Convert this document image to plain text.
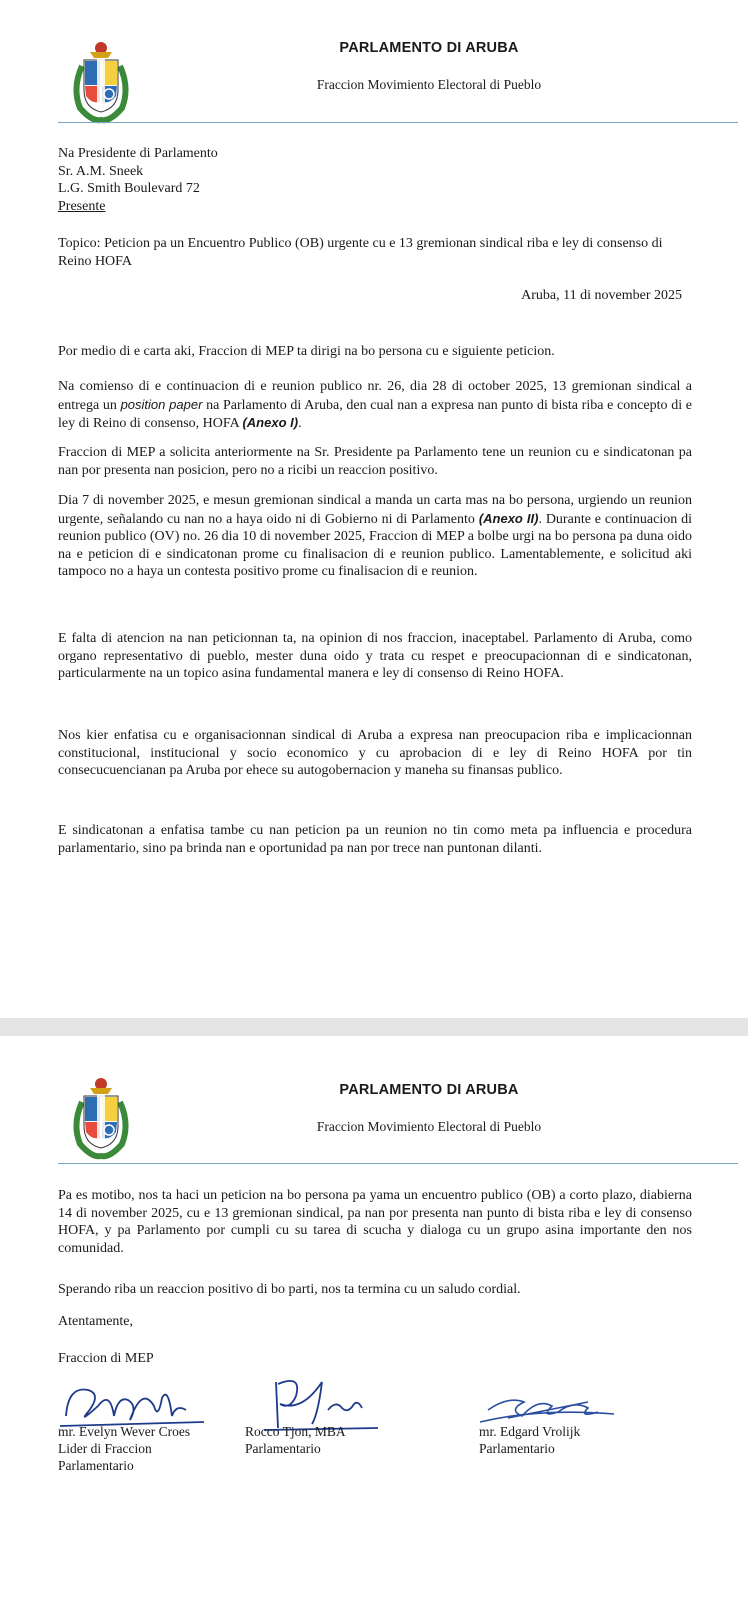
PARLAMENTO DI ARUBA
Fraccion Movimiento Electoral di Pueblo
Na Presidente di Parlamento
Sr. A.M. Sneek
L.G. Smith Boulevard 72
Presente
Topico: Peticion pa un Encuentro Publico (OB) urgente cu e 13 gremionan sindical riba e ley di consenso di Reino HOFA
Aruba, 11 di november 2025
Por medio di e carta aki, Fraccion di MEP ta dirigi na bo persona cu e siguiente peticion.
Na comienso di e continuacion di e reunion publico nr. 26, dia 28 di october 2025, 13 gremionan sindical a entrega un position paper na Parlamento di Aruba, den cual nan a expresa nan punto di bista riba e concepto di e ley di Reino di consenso, HOFA (Anexo I).
Fraccion di MEP a solicita anteriormente na Sr. Presidente pa Parlamento tene un reunion cu e sindicatonan pa nan por presenta nan posicion, pero no a ricibi un reaccion positivo.
Dia 7 di november 2025, e mesun gremionan sindical a manda un carta mas na bo persona, urgiendo un reunion urgente, señalando cu nan no a haya oido ni di Gobierno ni di Parlamento (Anexo II). Durante e continuacion di reunion publico (OV) no. 26 dia 10 di november 2025, Fraccion di MEP a bolbe urgi na bo persona pa duna oido na e peticion di e sindicatonan prome cu finalisacion di e reunion publico. Lamentablemente, e solicitud aki tampoco no a haya un contesta positivo prome cu finalisacion di e reunion.
E falta di atencion na nan peticionnan ta, na opinion di nos fraccion, inaceptabel. Parlamento di Aruba, como organo representativo di pueblo, mester duna oido y trata cu respet e preocupacionnan di e sindicatonan, particularmente na un topico asina fundamental manera e ley di consenso di Reino HOFA.
Nos kier enfatisa cu e organisacionnan sindical di Aruba a expresa nan preocupacion riba e implicacionnan constitucional, institucional y socio economico y cu aprobacion di e ley di Reino HOFA por tin consecucuencianan pa Aruba por ehece su autogobernacion y maneha su finansas publico.
E sindicatonan a enfatisa tambe cu nan peticion pa un reunion no tin como meta pa influencia e procedura parlamentario, sino pa brinda nan e oportunidad pa nan por trece nan puntonan dilanti.
PARLAMENTO DI ARUBA
Fraccion Movimiento Electoral di Pueblo
Pa es motibo, nos ta haci un peticion na bo persona pa yama un encuentro publico (OB) a corto plazo, diabierna 14 di november 2025, cu e 13 gremionan sindical, pa nan por presenta nan punto di bista riba e ley di consenso HOFA, y pa Parlamento por cumpli cu su tarea di scucha y dialoga cu un grupo asina importante den nos comunidad.
Sperando riba un reaccion positivo di bo parti, nos ta termina cu un saludo cordial.
Atentamente,
Fraccion di MEP
mr. Evelyn Wever Croes
Lider di Fraccion
Parlamentario
Rocco Tjon, MBA
Parlamentario
mr. Edgard Vrolijk
Parlamentario
